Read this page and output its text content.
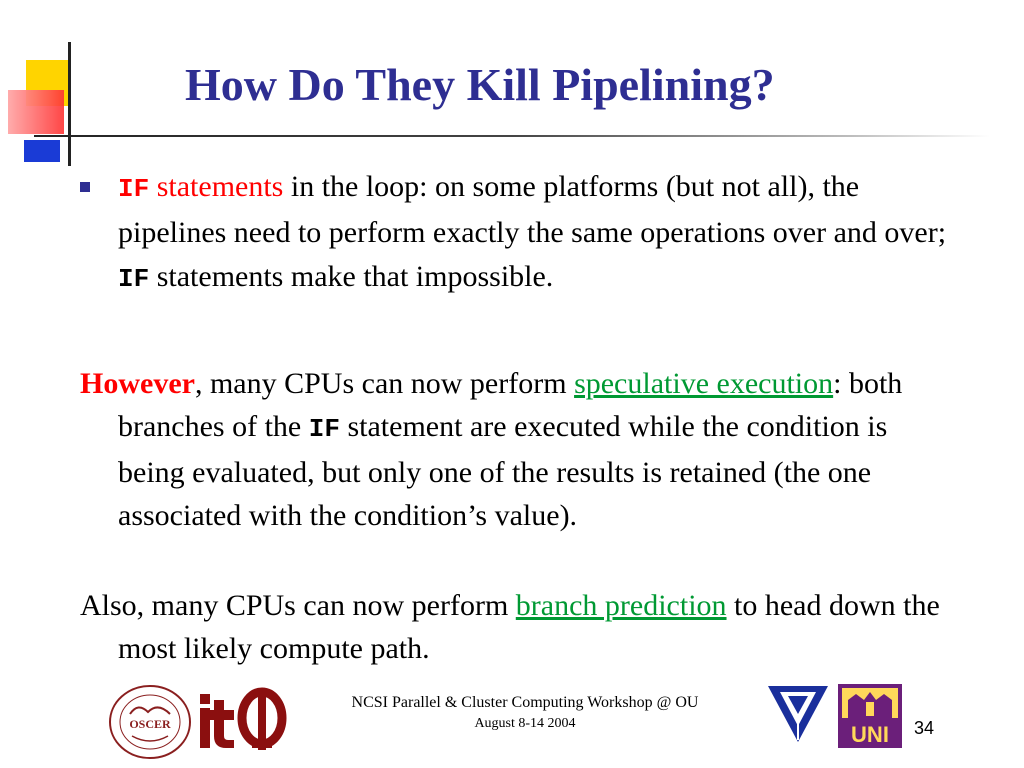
How Do They Kill Pipelining?

IF statements in the loop: on some platforms (but not all), the pipelines need to perform exactly the same operations over and over; IF statements make that impossible.

However, many CPUs can now perform speculative execution: both branches of the IF statement are executed while the condition is being evaluated, but only one of the results is retained (the one associated with the condition’s value).

Also, many CPUs can now perform branch prediction to head down the most likely compute path.

OSCER
NCSI Parallel & Cluster Computing Workshop @ OU
August 8-14 2004	UNI 34
